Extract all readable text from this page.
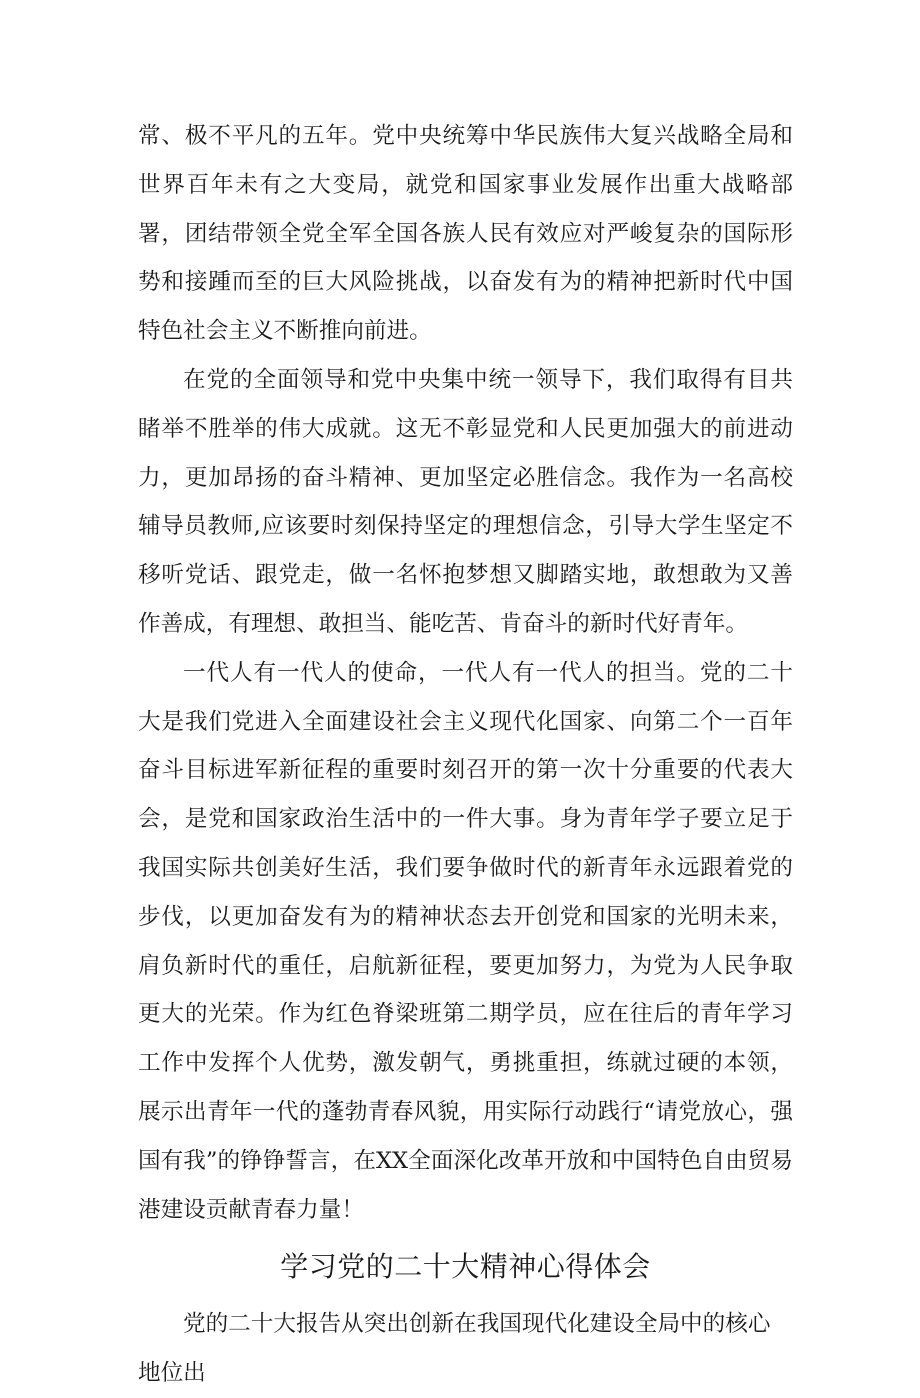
常、极不平凡的五年。党中央统筹中华民族伟大复兴战略全局和世界百年未有之大变局，就党和国家事业发展作出重大战略部署，团结带领全党全军全国各族人民有效应对严峻复杂的国际形势和接踵而至的巨大风险挑战，以奋发有为的精神把新时代中国特色社会主义不断推向前进。

在党的全面领导和党中央集中统一领导下，我们取得有目共睹举不胜举的伟大成就。这无不彰显党和人民更加强大的前进动力，更加昂扬的奋斗精神、更加坚定必胜信念。我作为一名高校辅导员教师,应该要时刻保持坚定的理想信念，引导大学生坚定不移听党话、跟党走，做一名怀抱梦想又脚踏实地，敢想敢为又善作善成，有理想、敢担当、能吃苦、肯奋斗的新时代好青年。

一代人有一代人的使命，一代人有一代人的担当。党的二十大是我们党进入全面建设社会主义现代化国家、向第二个一百年奋斗目标进军新征程的重要时刻召开的第一次十分重要的代表大会，是党和国家政治生活中的一件大事。身为青年学子要立足于我国实际共创美好生活，我们要争做时代的新青年永远跟着党的步伐，以更加奋发有为的精神状态去开创党和国家的光明未来，肩负新时代的重任，启航新征程，要更加努力，为党为人民争取更大的光荣。作为红色脊梁班第二期学员，应在往后的青年学习工作中发挥个人优势，激发朝气，勇挑重担，练就过硬的本领，展示出青年一代的蓬勃青春风貌，用实际行动践行“请党放心，强国有我”的铮铮誓言，在XX全面深化改革开放和中国特色自由贸易港建设贡献青春力量！

学习党的二十大精神心得体会

党的二十大报告从突出创新在我国现代化建设全局中的核心地位出
